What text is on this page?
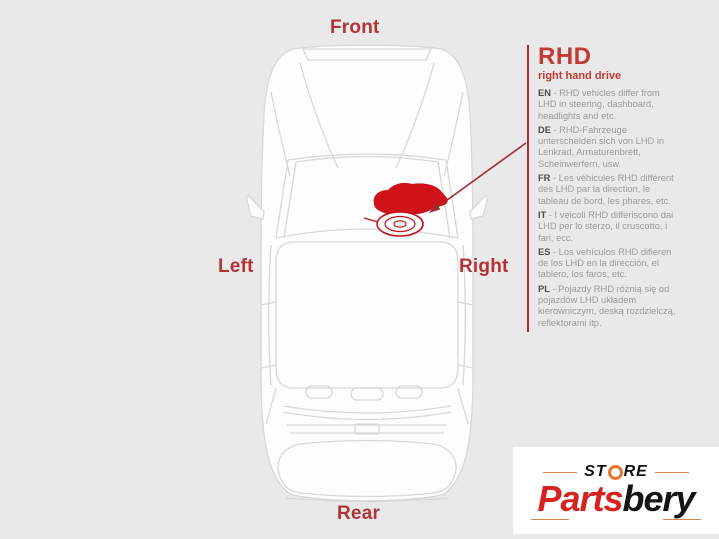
Front
Left	Right
Rear
RHD
right hand drive

EN - RHD vehicles differ from LHD in steering, dashboard, headlights and etc.

DE - RHD-Fahrzeuge unterscheiden sich von LHD in Lenkrad, Armaturenbrett, Scheinwerfern, usw.

FR - Les véhicules RHD diffèrent des LHD par la direction, le tableau de bord, les phares, etc.

IT - I veicoli RHD differiscono dai LHD per lo sterzo, il cruscotto, i fari, ecc.

ES - Los vehículos RHD difieren de los LHD en la dirección, el tablero, los faros, etc.

PL - Pojazdy RHD różnią się od pojazdów LHD układem kierowniczym, deską rozdzielczą, reflektorami itp.

ST RE
Partsbery
